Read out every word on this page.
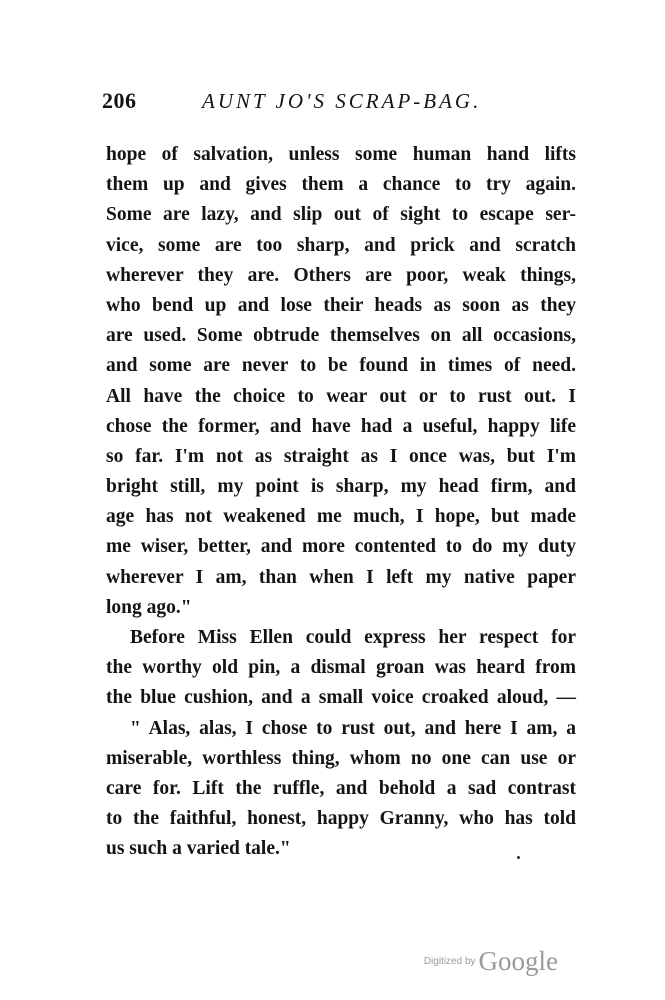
206	AUNT JO'S SCRAP-BAG.
hope of salvation, unless some human hand lifts
them up and gives them a chance to try again.
Some are lazy, and slip out of sight to escape ser-
vice, some are too sharp, and prick and scratch
wherever they are. Others are poor, weak things,
who bend up and lose their heads as soon as they
are used. Some obtrude themselves on all occasions,
and some are never to be found in times of need.
All have the choice to wear out or to rust out. I
chose the former, and have had a useful, happy life
so far. I'm not as straight as I once was, but I'm
bright still, my point is sharp, my head firm, and
age has not weakened me much, I hope, but made
me wiser, better, and more contented to do my duty
wherever I am, than when I left my native paper
long ago."
Before Miss Ellen could express her respect for
the worthy old pin, a dismal groan was heard from
the blue cushion, and a small voice croaked aloud, —
" Alas, alas, I chose to rust out, and here I am, a
miserable, worthless thing, whom no one can use or
care for. Lift the ruffle, and behold a sad contrast
to the faithful, honest, happy Granny, who has told
us such a varied tale."
Digitized by Google
